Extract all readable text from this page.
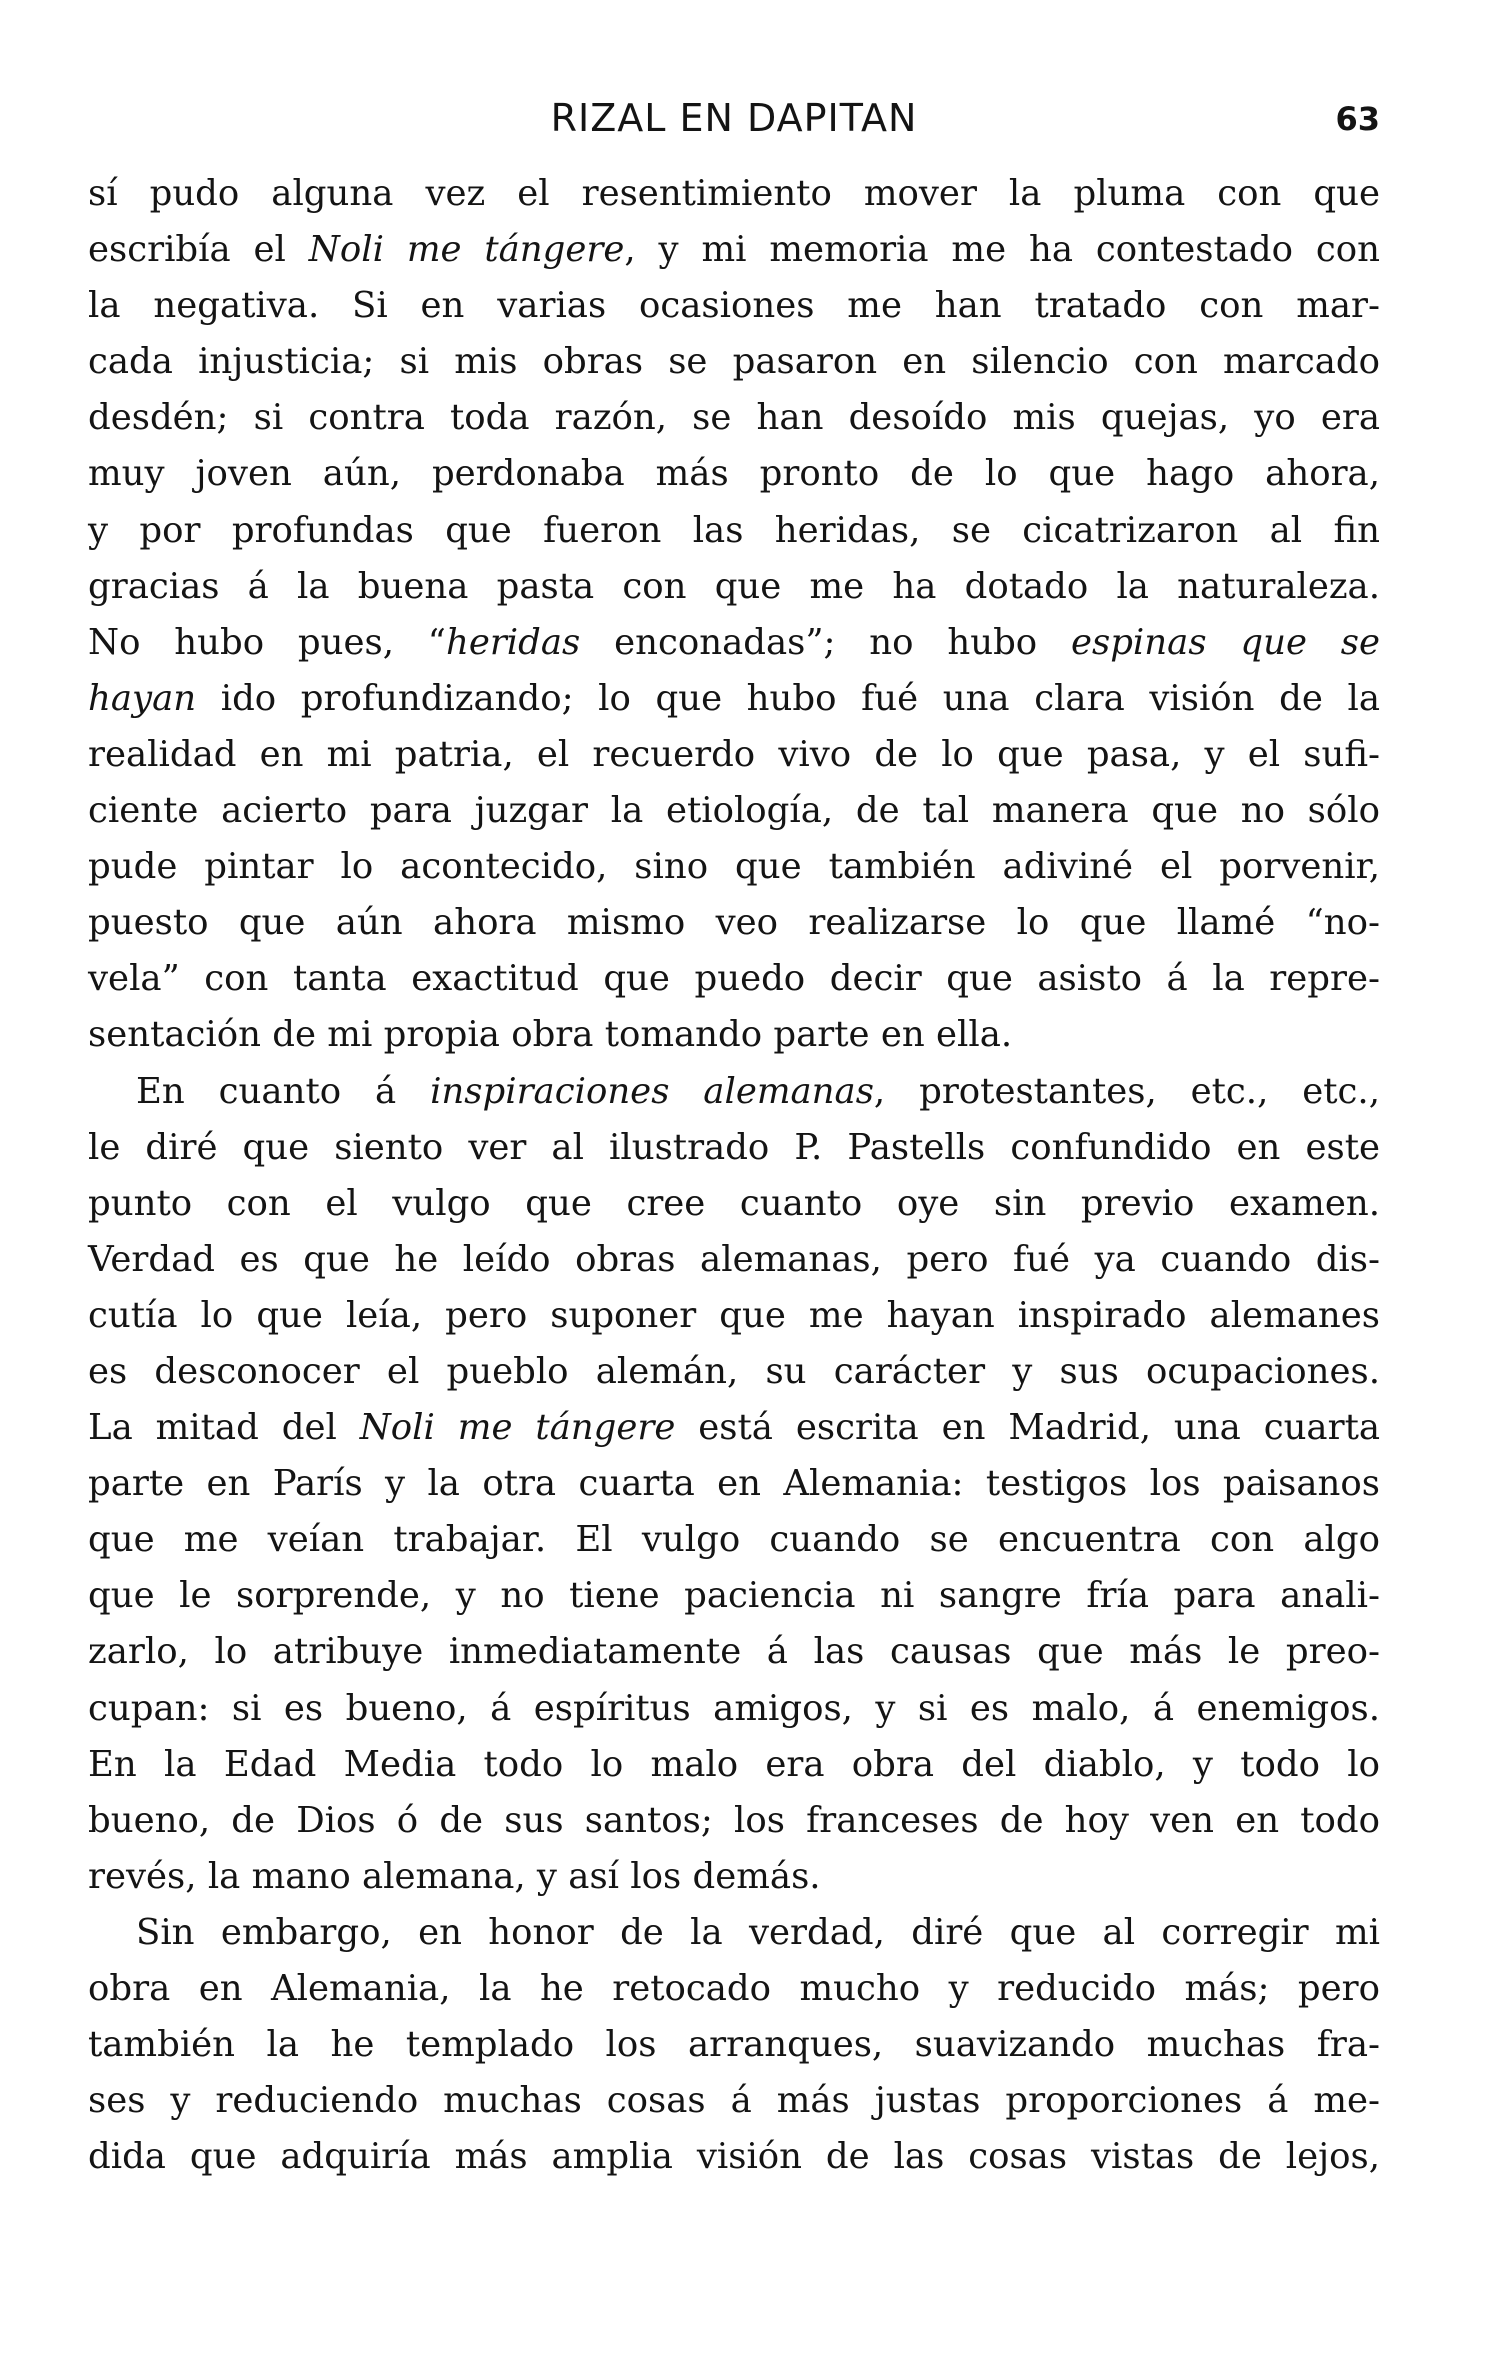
RIZAL EN DAPITAN	63
sí pudo alguna vez el resentimiento mover la pluma con que
escribía el Noli me tángere, y mi memoria me ha contestado con
la negativa. Si en varias ocasiones me han tratado con mar-
cada injusticia; si mis obras se pasaron en silencio con marcado
desdén; si contra toda razón, se han desoído mis quejas, yo era
muy joven aún, perdonaba más pronto de lo que hago ahora,
y por profundas que fueron las heridas, se cicatrizaron al fin
gracias á la buena pasta con que me ha dotado la naturaleza.
No hubo pues, “heridas enconadas”; no hubo espinas que se
hayan ido profundizando; lo que hubo fué una clara visión de la
realidad en mi patria, el recuerdo vivo de lo que pasa, y el sufi-
ciente acierto para juzgar la etiología, de tal manera que no sólo
pude pintar lo acontecido, sino que también adiviné el porvenir,
puesto que aún ahora mismo veo realizarse lo que llamé “no-
vela” con tanta exactitud que puedo decir que asisto á la repre-
sentación de mi propia obra tomando parte en ella.
En cuanto á inspiraciones alemanas, protestantes, etc., etc.,
le diré que siento ver al ilustrado P. Pastells confundido en este
punto con el vulgo que cree cuanto oye sin previo examen.
Verdad es que he leído obras alemanas, pero fué ya cuando dis-
cutía lo que leía, pero suponer que me hayan inspirado alemanes
es desconocer el pueblo alemán, su carácter y sus ocupaciones.
La mitad del Noli me tángere está escrita en Madrid, una cuarta
parte en París y la otra cuarta en Alemania: testigos los paisanos
que me veían trabajar. El vulgo cuando se encuentra con algo
que le sorprende, y no tiene paciencia ni sangre fría para anali-
zarlo, lo atribuye inmediatamente á las causas que más le preo-
cupan: si es bueno, á espíritus amigos, y si es malo, á enemigos.
En la Edad Media todo lo malo era obra del diablo, y todo lo
bueno, de Dios ó de sus santos; los franceses de hoy ven en todo
revés, la mano alemana, y así los demás.
Sin embargo, en honor de la verdad, diré que al corregir mi
obra en Alemania, la he retocado mucho y reducido más; pero
también la he templado los arranques, suavizando muchas fra-
ses y reduciendo muchas cosas á más justas proporciones á me-
dida que adquiría más amplia visión de las cosas vistas de lejos,
